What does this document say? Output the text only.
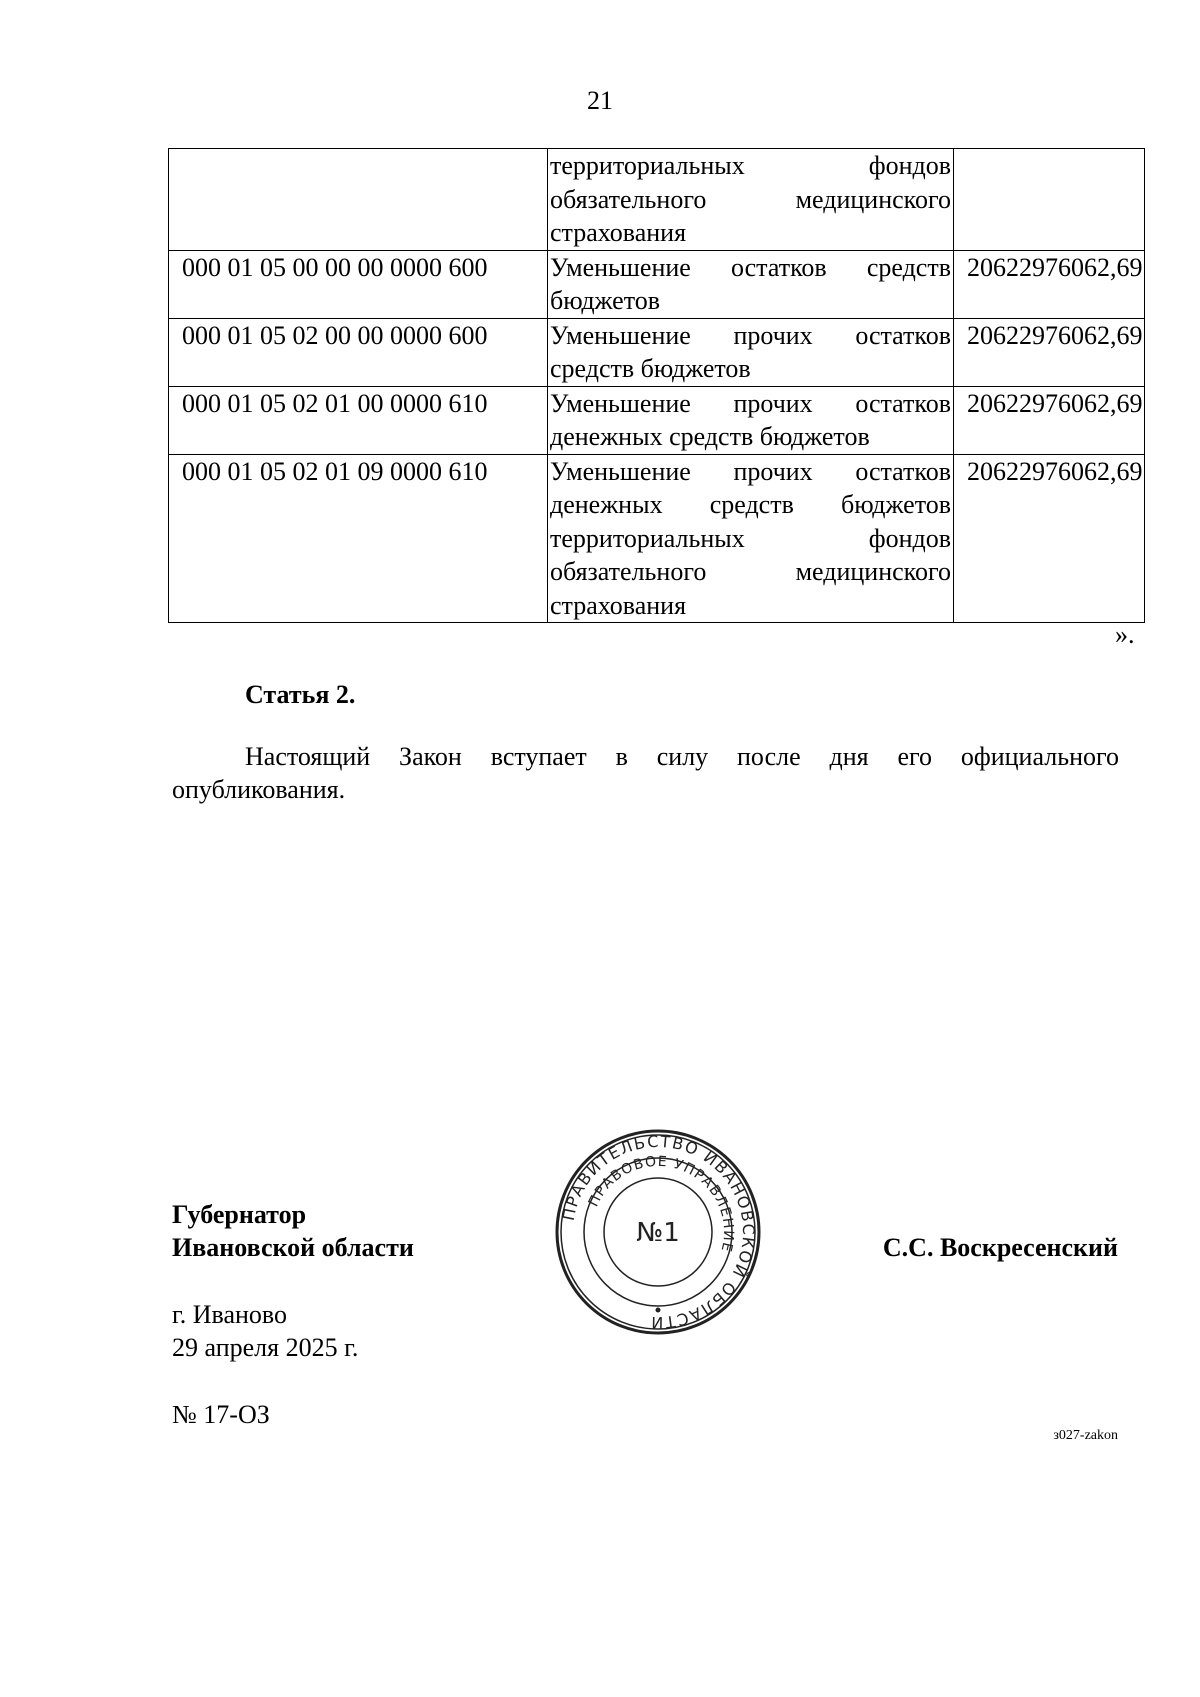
21

	территориальных фондов
обязательного медицинского
страхования	

000 01 05 00 00 00 0000 600	Уменьшение остатков средств
бюджетов	20622976062,69
000 01 05 02 00 00 0000 600	Уменьшение прочих остатков
средств бюджетов	20622976062,69
000 01 05 02 01 00 0000 610	Уменьшение прочих остатков
денежных средств бюджетов	20622976062,69
000 01 05 02 01 09 0000 610	Уменьшение прочих остатков
денежных средств бюджетов
территориальных фондов
обязательного медицинского
страхования	20622976062,69
».
Статья 2.
Настоящий Закон вступает в силу после дня его официального опубликования.
Губернатор
Ивановской области	С.С. Воскресенский
ПРАВИТЕЛЬСТВО ИВАНОВСКОЙ ОБЛАСТИ
ПРАВОВОЕ УПРАВЛЕНИЕ
№1
г. Иваново
29 апреля 2025 г.
№ 17-ОЗ
з027-zakon
